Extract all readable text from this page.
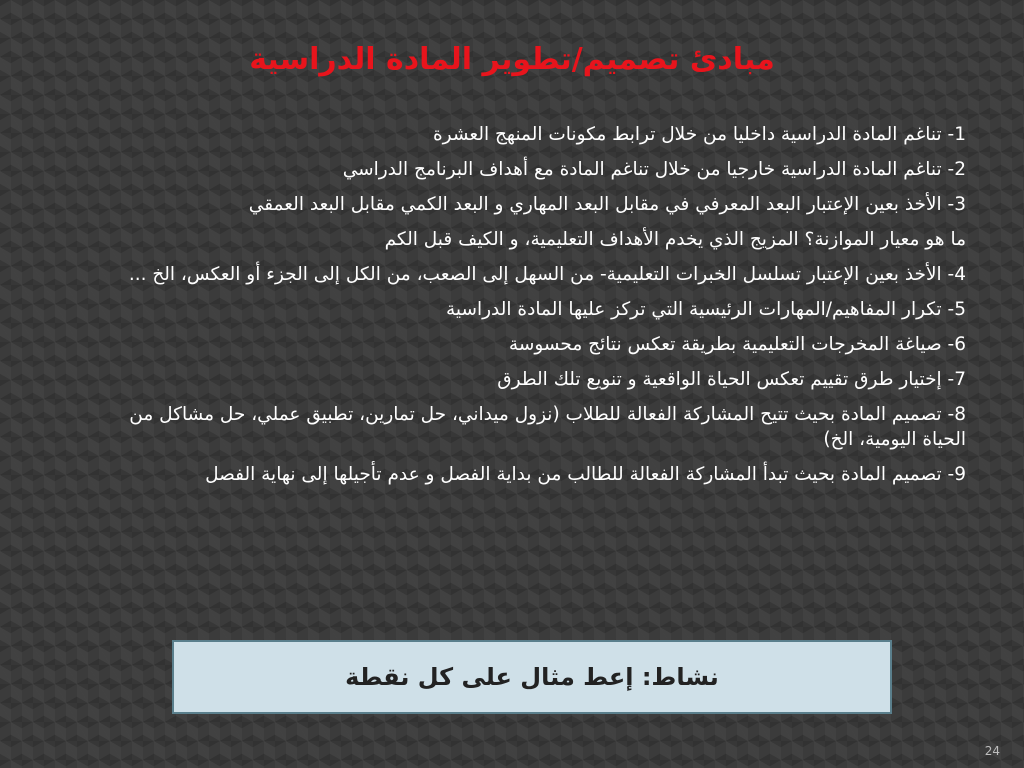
مبادئ تصميم/تطوير المادة الدراسية

1- تناغم المادة الدراسية داخليا من خلال ترابط مكونات المنهج العشرة

2- تناغم المادة الدراسية خارجيا من خلال تناغم المادة مع أهداف البرنامج الدراسي

3- الأخذ بعين الإعتبار البعد المعرفي في مقابل البعد المهاري و البعد الكمي مقابل البعد العمقي

ما هو معيار الموازنة؟ المزيج الذي يخدم الأهداف التعليمية، و الكيف قبل الكم

4- الأخذ بعين الإعتبار تسلسل الخبرات التعليمية- من السهل إلى الصعب، من الكل إلى الجزء أو العكس، الخ ...

5- تكرار المفاهيم/المهارات الرئيسية التي تركز عليها المادة الدراسية

6- صياغة المخرجات التعليمية بطريقة تعكس نتائج محسوسة

7- إختيار طرق تقييم تعكس الحياة الواقعية و تنويع تلك الطرق

8- تصميم المادة بحيث تتيح المشاركة الفعالة للطلاب (نزول ميداني، حل تمارين، تطبيق عملي، حل مشاكل من الحياة اليومية، الخ)

9- تصميم المادة بحيث تبدأ المشاركة الفعالة للطالب من بداية الفصل و عدم تأجيلها إلى نهاية الفصل

نشاط: إعط مثال على كل نقطة
24
